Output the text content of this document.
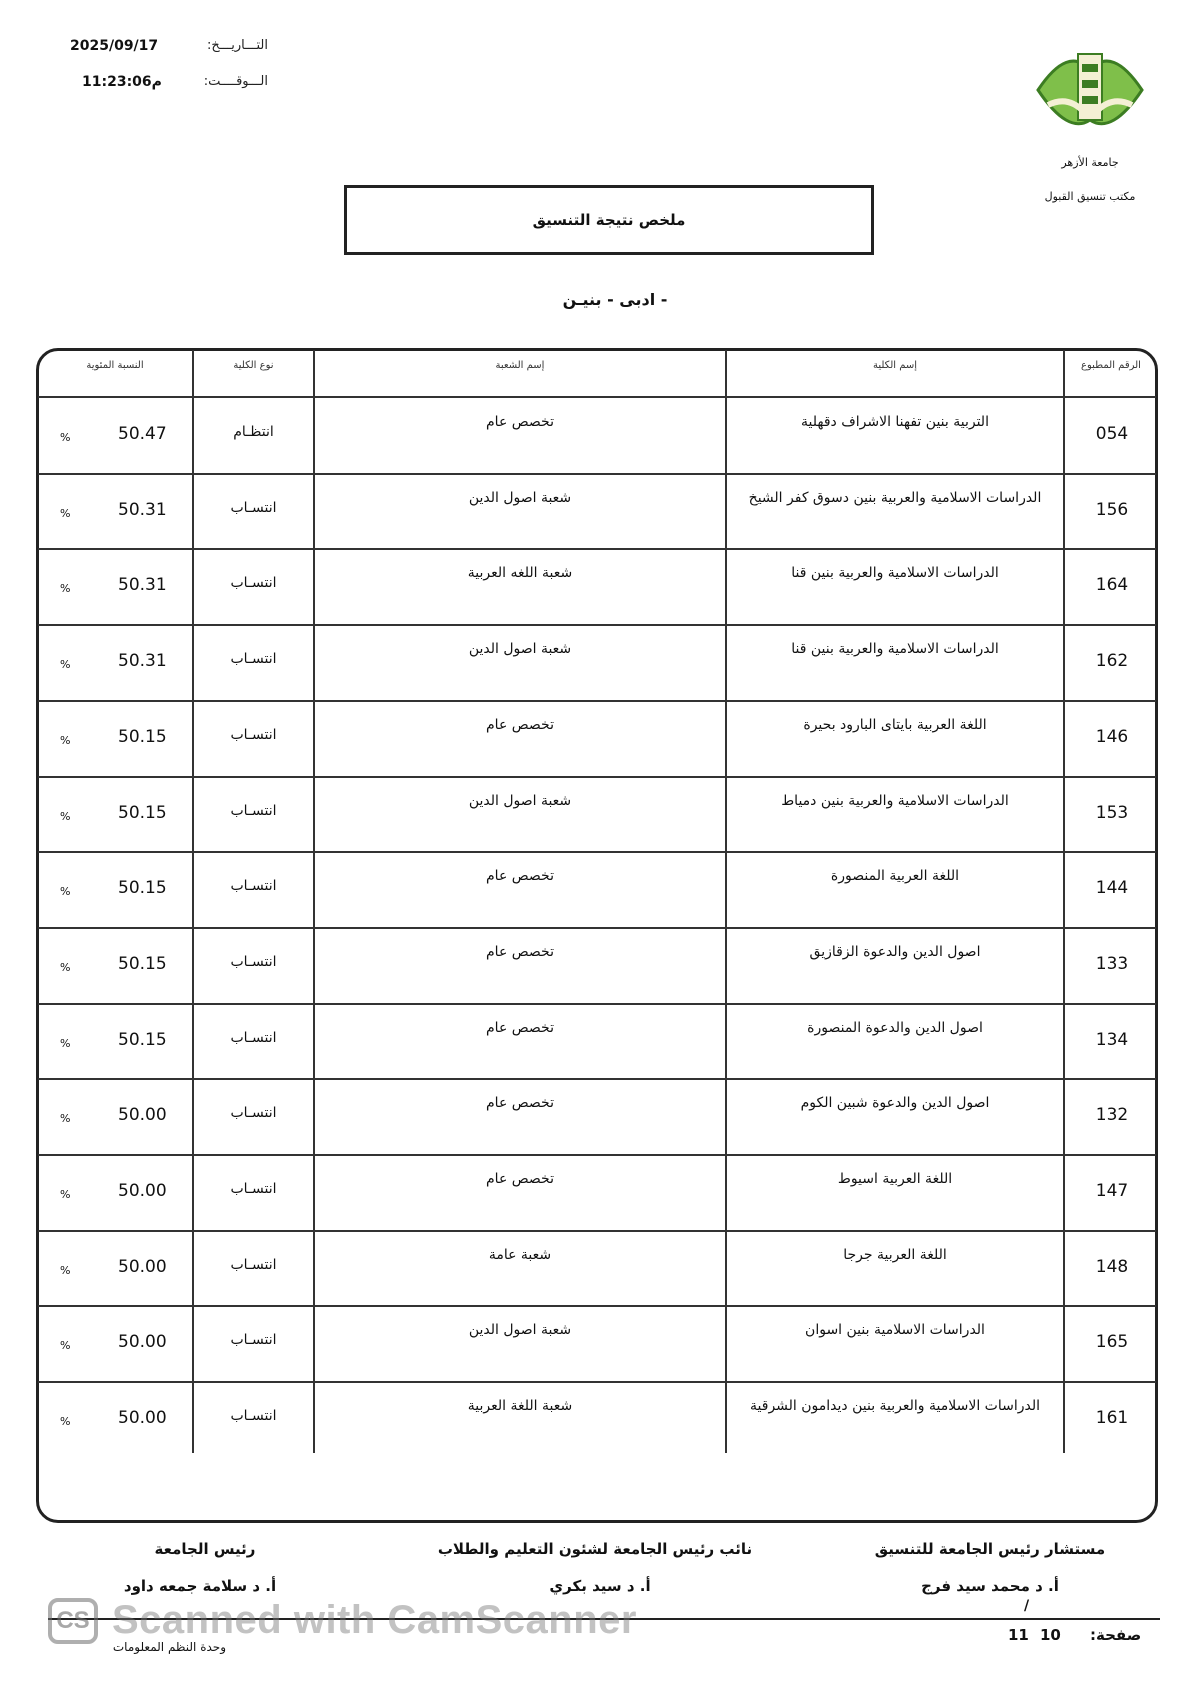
2025/09/17	التـــاريـــخ:
11:23:06م	الـــوقــــت:
جامعة الأزهر
مكتب تنسيق القبول
ملخص نتيجة التنسيق
- ادبى - بنيـن
الرقم المطبوع
إسم الكلية
إسم الشعبة
نوع الكلية
النسبة المئوية
054
التربية بنين تفهنا الاشراف دقهلية
تخصص عام
انتظـام
50.47
%
156
الدراسات الاسلامية والعربية بنين دسوق كفر الشيخ
شعبة اصول الدين
انتسـاب
50.31
%
164
الدراسات الاسلامية والعربية بنين قنا
شعبة اللغه العربية
انتسـاب
50.31
%
162
الدراسات الاسلامية والعربية بنين قنا
شعبة اصول الدين
انتسـاب
50.31
%
146
اللغة العربية بايتاى البارود بحيرة
تخصص عام
انتسـاب
50.15
%
153
الدراسات الاسلامية والعربية بنين دمياط
شعبة اصول الدين
انتسـاب
50.15
%
144
اللغة العربية المنصورة
تخصص عام
انتسـاب
50.15
%
133
اصول الدين والدعوة الزقازيق
تخصص عام
انتسـاب
50.15
%
134
اصول الدين والدعوة المنصورة
تخصص عام
انتسـاب
50.15
%
132
اصول الدين والدعوة شبين الكوم
تخصص عام
انتسـاب
50.00
%
147
اللغة العربية اسيوط
تخصص عام
انتسـاب
50.00
%
148
اللغة العربية جرجا
شعبة عامة
انتسـاب
50.00
%
165
الدراسات الاسلامية بنين اسوان
شعبة اصول الدين
انتسـاب
50.00
%
161
الدراسات الاسلامية والعربية بنين ديدامون الشرقية
شعبة اللغة العربية
انتسـاب
50.00
%
مستشار رئيس الجامعة للتنسيق
أ. د محمد سيد فرج
نائب رئيس الجامعة لشئون التعليم والطلاب
أ. د سيد بكري
رئيس الجامعة
أ. د سلامة جمعه داود
/
صفحة:
10
11
وحدة النظم المعلومات
CS Scanned with CamScanner
